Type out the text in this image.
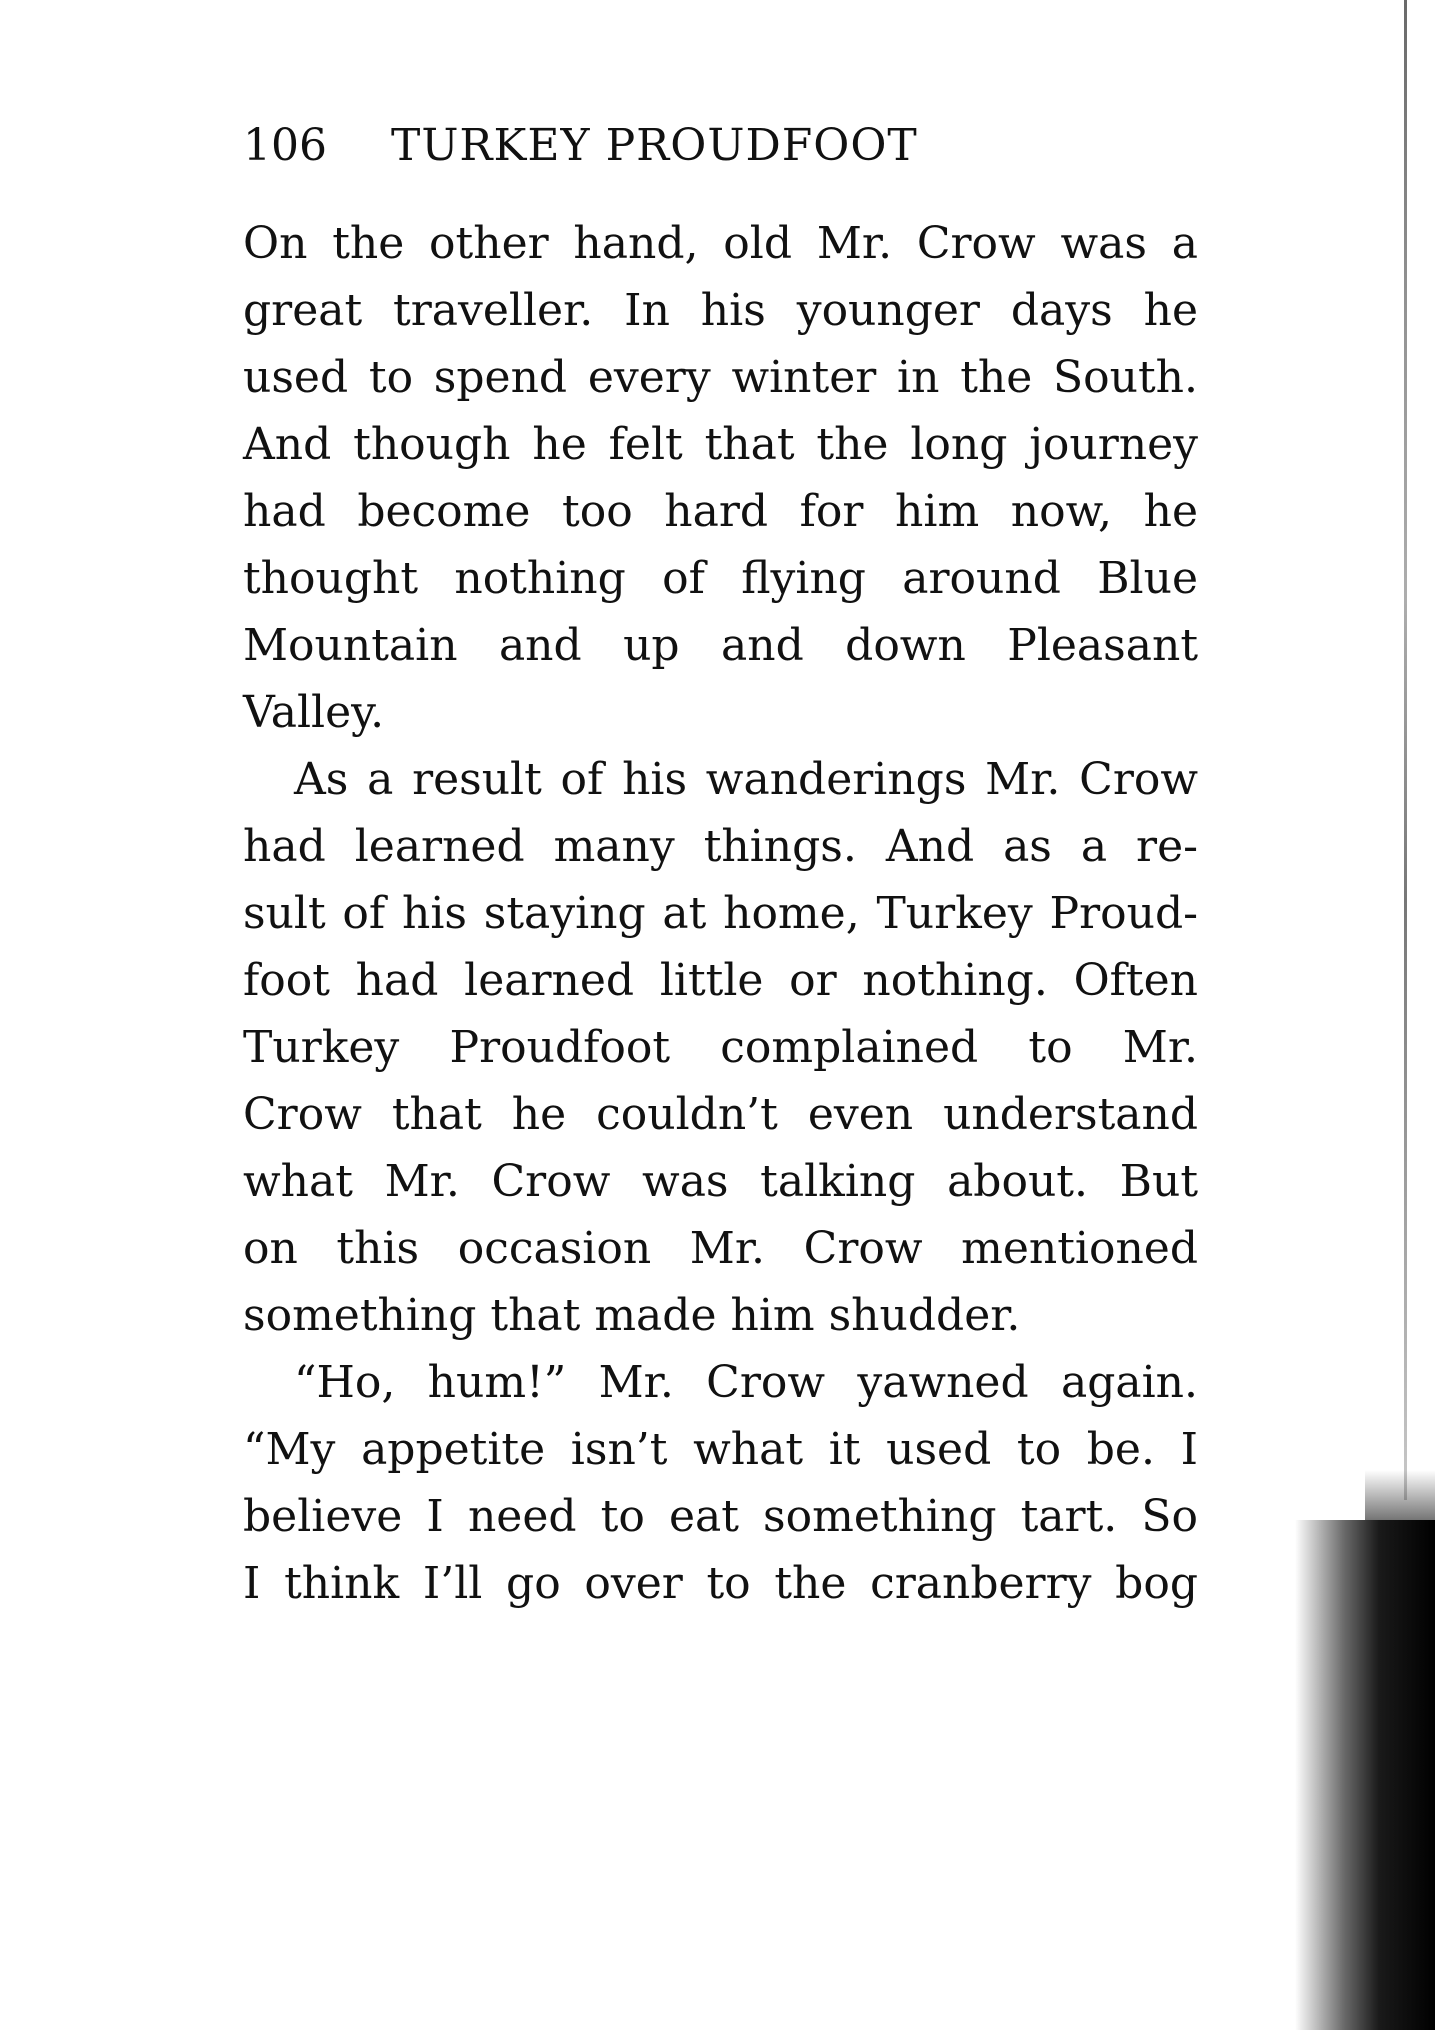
106 TURKEY PROUDFOOT
On the other hand, old Mr. Crow was a
great traveller. In his younger days he
used to spend every winter in the South.
And though he felt that the long journey
had become too hard for him now, he
thought nothing of flying around Blue
Mountain and up and down Pleasant
Valley.
As a result of his wanderings Mr. Crow
had learned many things. And as a re-
sult of his staying at home, Turkey Proud-
foot had learned little or nothing. Often
Turkey Proudfoot complained to Mr.
Crow that he couldn’t even understand
what Mr. Crow was talking about. But
on this occasion Mr. Crow mentioned
something that made him shudder.
“Ho, hum!” Mr. Crow yawned again.
“My appetite isn’t what it used to be. I
believe I need to eat something tart. So
I think I’ll go over to the cranberry bog
